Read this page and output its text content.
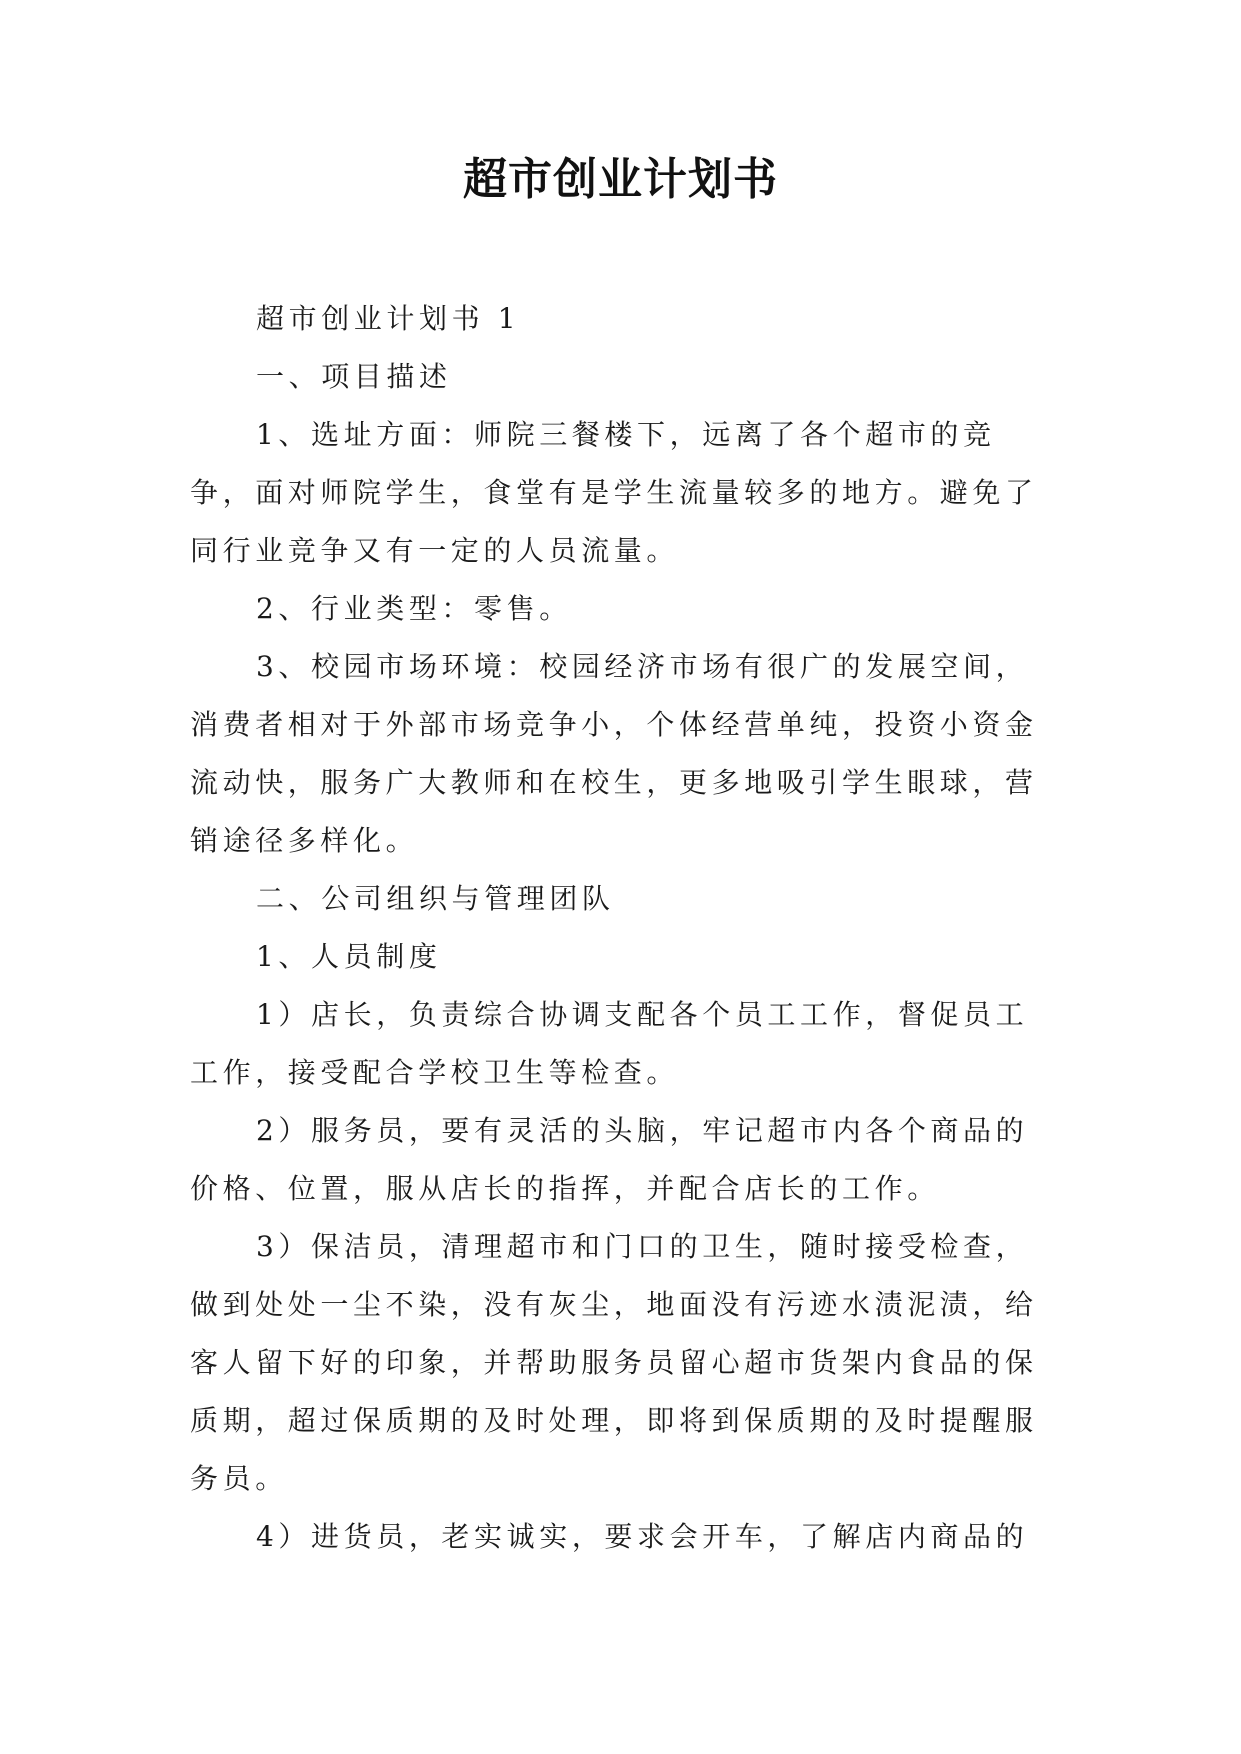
超市创业计划书

超市创业计划书 1

一、项目描述

1、选址方面：师院三餐楼下，远离了各个超市的竞争，面对师院学生，食堂有是学生流量较多的地方。避免了同行业竞争又有一定的人员流量。

2、行业类型：零售。

3、校园市场环境：校园经济市场有很广的发展空间，消费者相对于外部市场竞争小，个体经营单纯，投资小资金流动快，服务广大教师和在校生，更多地吸引学生眼球，营销途径多样化。

二、公司组织与管理团队

1、人员制度

1）店长，负责综合协调支配各个员工工作，督促员工工作，接受配合学校卫生等检查。

2）服务员，要有灵活的头脑，牢记超市内各个商品的价格、位置，服从店长的指挥，并配合店长的工作。

3）保洁员，清理超市和门口的卫生，随时接受检查，做到处处一尘不染，没有灰尘，地面没有污迹水渍泥渍，给客人留下好的印象，并帮助服务员留心超市货架内食品的保质期，超过保质期的及时处理，即将到保质期的及时提醒服务员。

4）进货员，老实诚实，要求会开车，了解店内商品的
